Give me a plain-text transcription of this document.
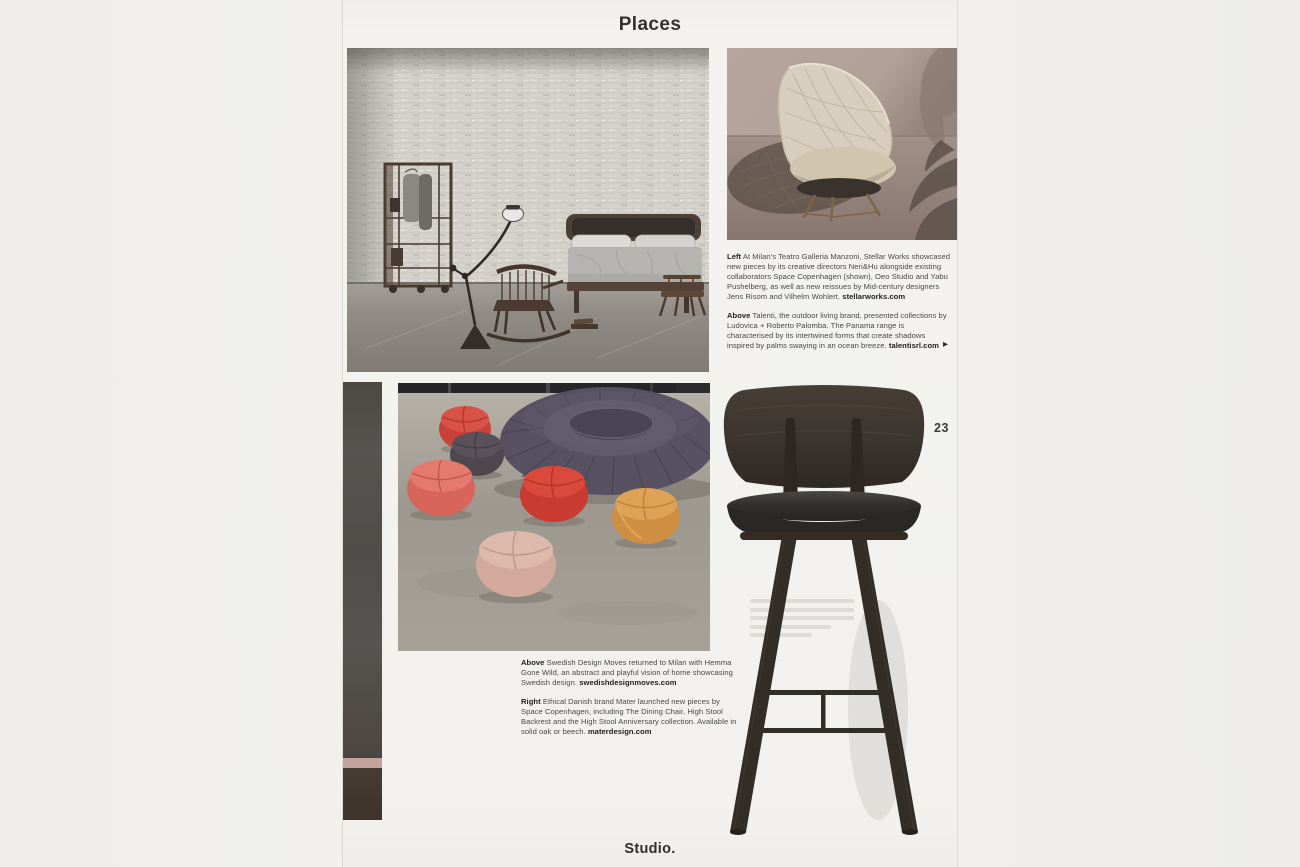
Places

Left At Milan's Teatro Galleria Manzoni, Stellar Works showcased new pieces by its creative directors Neri&Hu alongside existing collaborators Space Copenhagen (shown), Oeo Studio and Yabu Pushelberg, as well as new reissues by Mid-century designers Jens Risom and Vilhelm Wohlert. stellarworks.com

Above Talenti, the outdoor living brand, presented collections by Ludovica + Roberto Palomba. The Panama range is characterised by its intertwined forms that create shadows inspired by palms swaying in an ocean breeze. talentisrl.com ▶

23

Above Swedish Design Moves returned to Milan with Hemma Gone Wild, an abstract and playful vision of home showcasing Swedish design. swedishdesignmoves.com

Right Ethical Danish brand Mater launched new pieces by Space Copenhagen, including The Dining Chair, High Stool Backrest and the High Stool Anniversary collection. Available in solid oak or beech. materdesign.com

Studio.
